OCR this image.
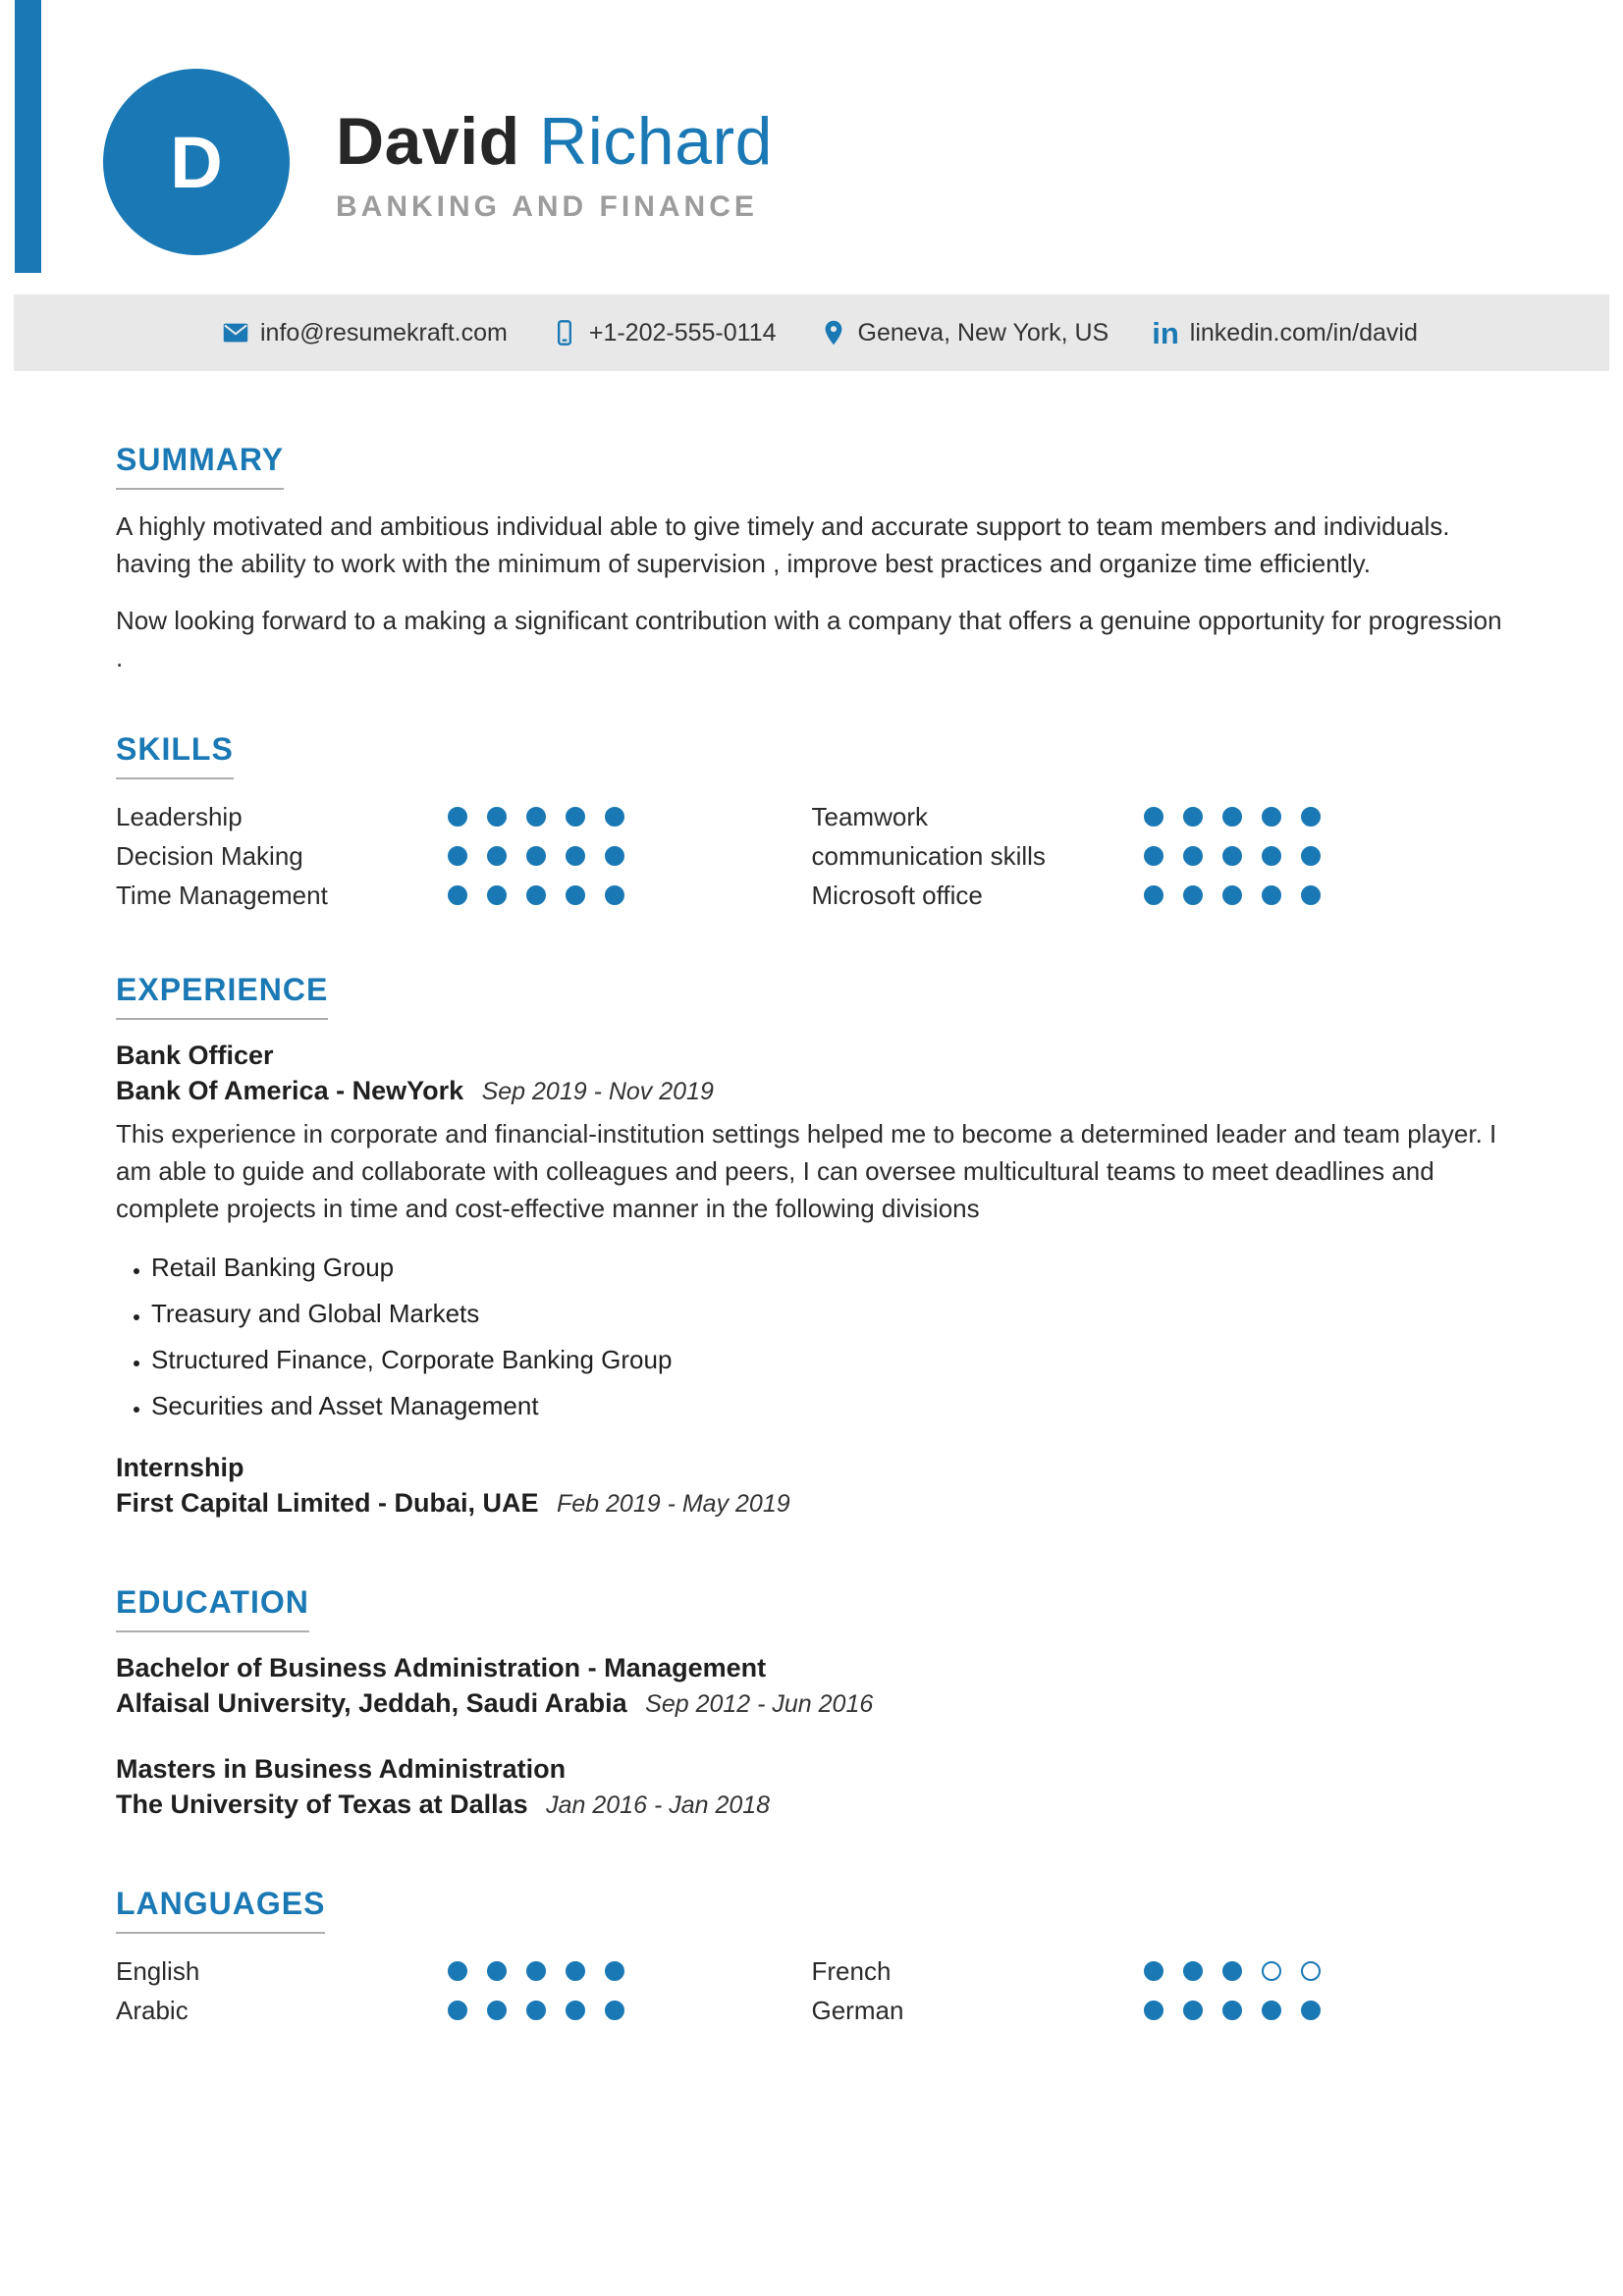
D David Richard
BANKING AND FINANCE
info@resumekraft.com	+1-202-555-0114	Geneva, New York, US in linkedin.com/in/david
SUMMARY

A highly motivated and ambitious individual able to give timely and accurate support to team members and individuals. having the ability to work with the minimum of supervision , improve best practices and organize time efficiently.

Now looking forward to a making a significant contribution with a company that offers a genuine opportunity for progression .

SKILLS
Leadership
Decision Making
Time Management
Teamwork
communication skills
Microsoft office
EXPERIENCE
Bank Officer
Bank Of America - NewYork Sep 2019 - Nov 2019

This experience in corporate and financial-institution settings helped me to become a determined leader and team player. I am able to guide and collaborate with colleagues and peers, I can oversee multicultural teams to meet deadlines and complete projects in time and cost-effective manner in the following divisions

• Retail Banking Group
• Treasury and Global Markets
• Structured Finance, Corporate Banking Group
• Securities and Asset Management
Internship
First Capital Limited - Dubai, UAE Feb 2019 - May 2019
EDUCATION
Bachelor of Business Administration - Management
Alfaisal University, Jeddah, Saudi Arabia Sep 2012 - Jun 2016
Masters in Business Administration
The University of Texas at Dallas Jan 2016 - Jan 2018
LANGUAGES
English
Arabic
French
German
